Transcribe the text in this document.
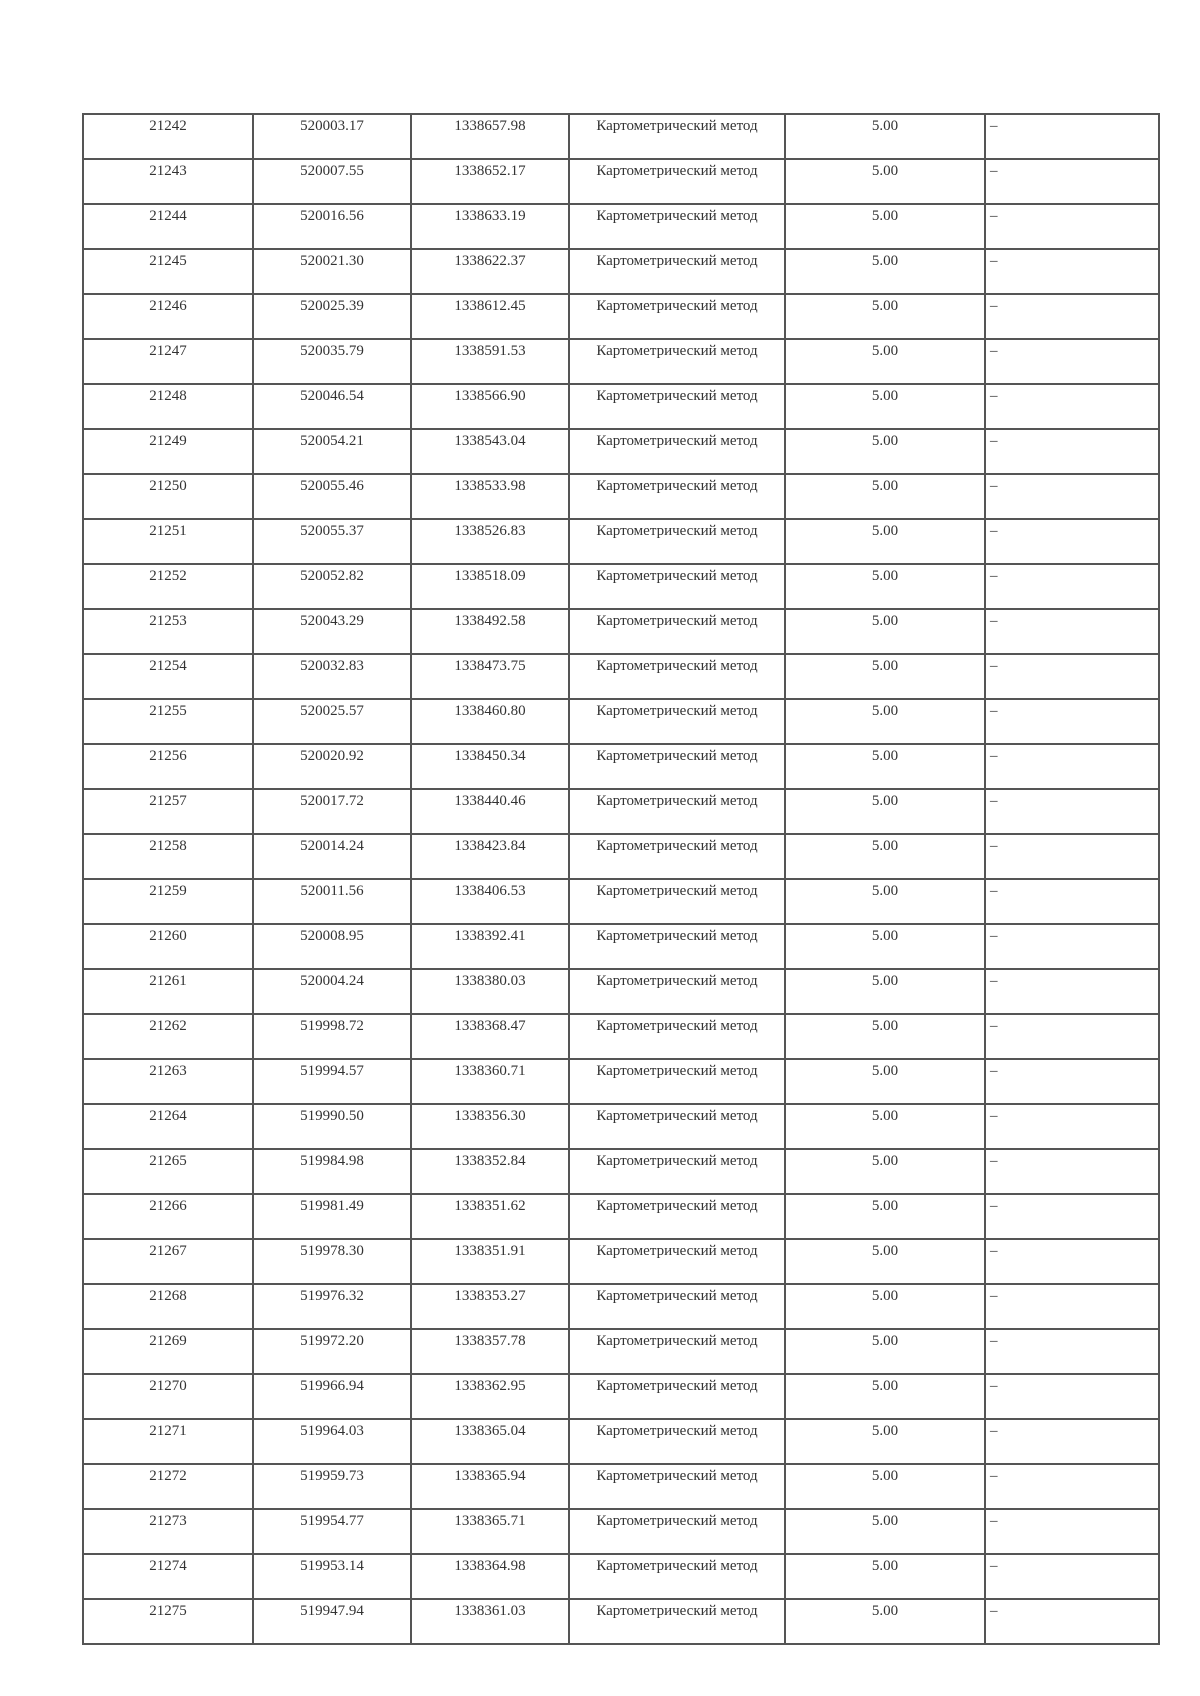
21242	520003.17	1338657.98	Картометрический метод	5.00	–
21243	520007.55	1338652.17	Картометрический метод	5.00	–
21244	520016.56	1338633.19	Картометрический метод	5.00	–
21245	520021.30	1338622.37	Картометрический метод	5.00	–
21246	520025.39	1338612.45	Картометрический метод	5.00	–
21247	520035.79	1338591.53	Картометрический метод	5.00	–
21248	520046.54	1338566.90	Картометрический метод	5.00	–
21249	520054.21	1338543.04	Картометрический метод	5.00	–
21250	520055.46	1338533.98	Картометрический метод	5.00	–
21251	520055.37	1338526.83	Картометрический метод	5.00	–
21252	520052.82	1338518.09	Картометрический метод	5.00	–
21253	520043.29	1338492.58	Картометрический метод	5.00	–
21254	520032.83	1338473.75	Картометрический метод	5.00	–
21255	520025.57	1338460.80	Картометрический метод	5.00	–
21256	520020.92	1338450.34	Картометрический метод	5.00	–
21257	520017.72	1338440.46	Картометрический метод	5.00	–
21258	520014.24	1338423.84	Картометрический метод	5.00	–
21259	520011.56	1338406.53	Картометрический метод	5.00	–
21260	520008.95	1338392.41	Картометрический метод	5.00	–
21261	520004.24	1338380.03	Картометрический метод	5.00	–
21262	519998.72	1338368.47	Картометрический метод	5.00	–
21263	519994.57	1338360.71	Картометрический метод	5.00	–
21264	519990.50	1338356.30	Картометрический метод	5.00	–
21265	519984.98	1338352.84	Картометрический метод	5.00	–
21266	519981.49	1338351.62	Картометрический метод	5.00	–
21267	519978.30	1338351.91	Картометрический метод	5.00	–
21268	519976.32	1338353.27	Картометрический метод	5.00	–
21269	519972.20	1338357.78	Картометрический метод	5.00	–
21270	519966.94	1338362.95	Картометрический метод	5.00	–
21271	519964.03	1338365.04	Картометрический метод	5.00	–
21272	519959.73	1338365.94	Картометрический метод	5.00	–
21273	519954.77	1338365.71	Картометрический метод	5.00	–
21274	519953.14	1338364.98	Картометрический метод	5.00	–
21275	519947.94	1338361.03	Картометрический метод	5.00	–
